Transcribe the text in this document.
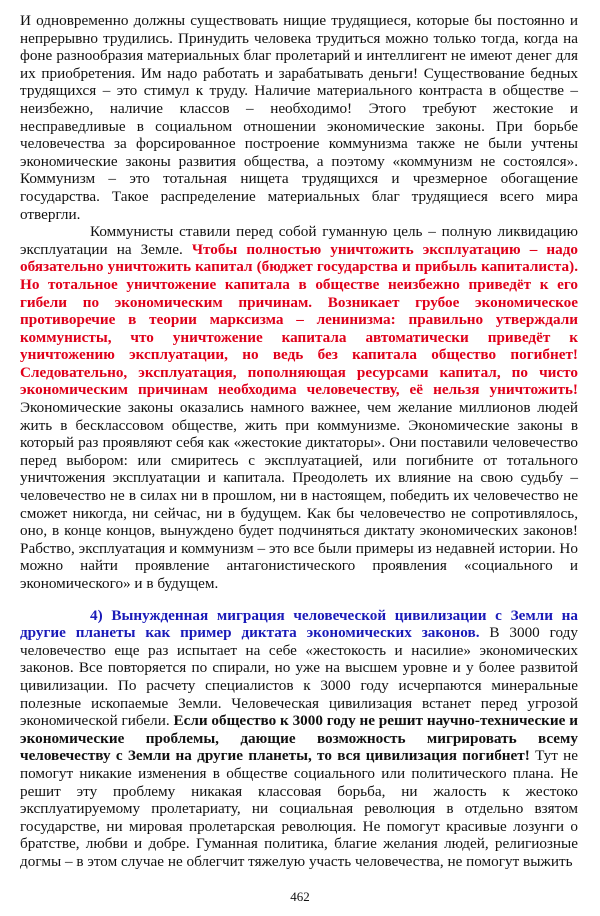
И одновременно должны существовать нищие трудящиеся, которые бы постоянно и непрерывно трудились. Принудить человека трудиться можно только тогда, когда на фоне разнообразия материальных благ пролетарий и интеллигент не имеют денег для их приобретения. Им надо работать и зарабатывать деньги! Существование бедных трудящихся – это стимул к труду. Наличие материального контраста в обществе – неизбежно, наличие классов – необходимо! Этого требуют жестокие и несправедливые в социальном отношении экономические законы. При борьбе человечества за форсированное построение коммунизма также не были учтены экономические законы развития общества, а поэтому «коммунизм не состоялся». Коммунизм – это тотальная нищета трудящихся и чрезмерное обогащение государства. Такое распределение материальных благ трудящиеся всего мира отвергли.

Коммунисты ставили перед собой гуманную цель – полную ликвидацию эксплуатации на Земле. Чтобы полностью уничтожить эксплуатацию – надо обязательно уничтожить капитал (бюджет государства и прибыль капиталиста). Но тотальное уничтожение капитала в обществе неизбежно приведёт к его гибели по экономическим причинам. Возникает грубое экономическое противоречие в теории марксизма – ленинизма: правильно утверждали коммунисты, что уничтожение капитала автоматически приведёт к уничтожению эксплуатации, но ведь без капитала общество погибнет! Следовательно, эксплуатация, пополняющая ресурсами капитал, по чисто экономическим причинам необходима человечеству, её нельзя уничтожить! Экономические законы оказались намного важнее, чем желание миллионов людей жить в бесклассовом обществе, жить при коммунизме. Экономические законы в который раз проявляют себя как «жестокие диктаторы». Они поставили человечество перед выбором: или смиритесь с эксплуатацией, или погибните от тотального уничтожения эксплуатации и капитала. Преодолеть их влияние на свою судьбу – человечество не в силах ни в прошлом, ни в настоящем, победить их человечество не сможет никогда, ни сейчас, ни в будущем. Как бы человечество не сопротивлялось, оно, в конце концов, вынуждено будет подчиняться диктату экономических законов! Рабство, эксплуатация и коммунизм – это все были примеры из недавней истории. Но можно найти проявление антагонистического проявления «социального и экономического» и в будущем.

4) Вынужденная миграция человеческой цивилизации с Земли на другие планеты как пример диктата экономических законов. В 3000 году человечество еще раз испытает на себе «жестокость и насилие» экономических законов. Все повторяется по спирали, но уже на высшем уровне и у более развитой цивилизации. По расчету специалистов к 3000 году исчерпаются минеральные полезные ископаемые Земли. Человеческая цивилизация встанет перед угрозой экономической гибели. Если общество к 3000 году не решит научно-технические и экономические проблемы, дающие возможность мигрировать всему человечеству с Земли на другие планеты, то вся цивилизация погибнет! Тут не помогут никакие изменения в обществе социального или политического плана. Не решит эту проблему никакая классовая борьба, ни жалость к жестоко эксплуатируемому пролетариату, ни социальная революция в отдельно взятом государстве, ни мировая пролетарская революция. Не помогут красивые лозунги о братстве, любви и добре. Гуманная политика, благие желания людей, религиозные догмы – в этом случае не облегчит тяжелую участь человечества, не помогут выжить

462
